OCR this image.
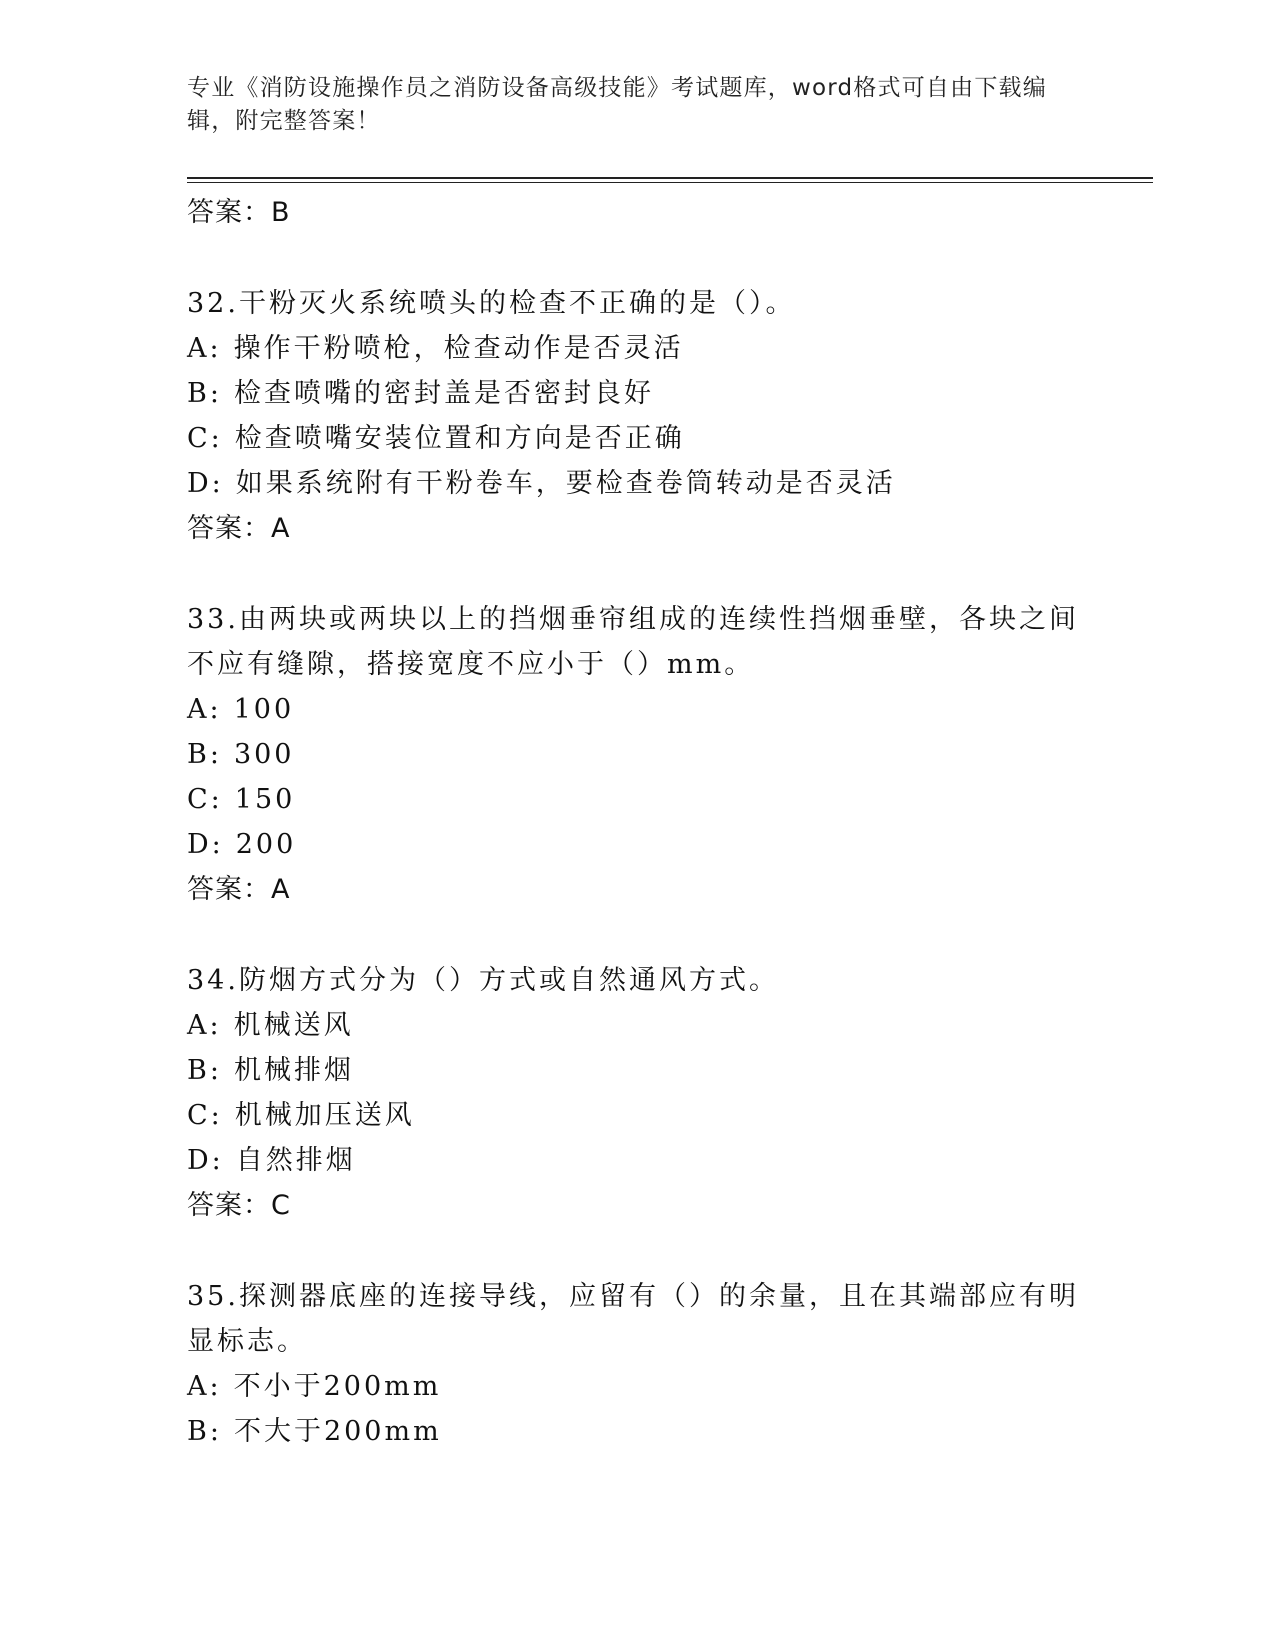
专业《消防设施操作员之消防设备高级技能》考试题库，word格式可自由下载编辑，附完整答案！
答案：B
32.干粉灭火系统喷头的检查不正确的是（）。
A: 操作干粉喷枪，检查动作是否灵活
B: 检查喷嘴的密封盖是否密封良好
C: 检查喷嘴安装位置和方向是否正确
D: 如果系统附有干粉卷车，要检查卷筒转动是否灵活
答案：A
33.由两块或两块以上的挡烟垂帘组成的连续性挡烟垂壁，各块之间不应有缝隙，搭接宽度不应小于（）mm。
A: 100
B: 300
C: 150
D: 200
答案：A
34.防烟方式分为（）方式或自然通风方式。
A: 机械送风
B: 机械排烟
C: 机械加压送风
D: 自然排烟
答案：C
35.探测器底座的连接导线，应留有（）的余量，且在其端部应有明显标志。
A: 不小于200mm
B: 不大于200mm
